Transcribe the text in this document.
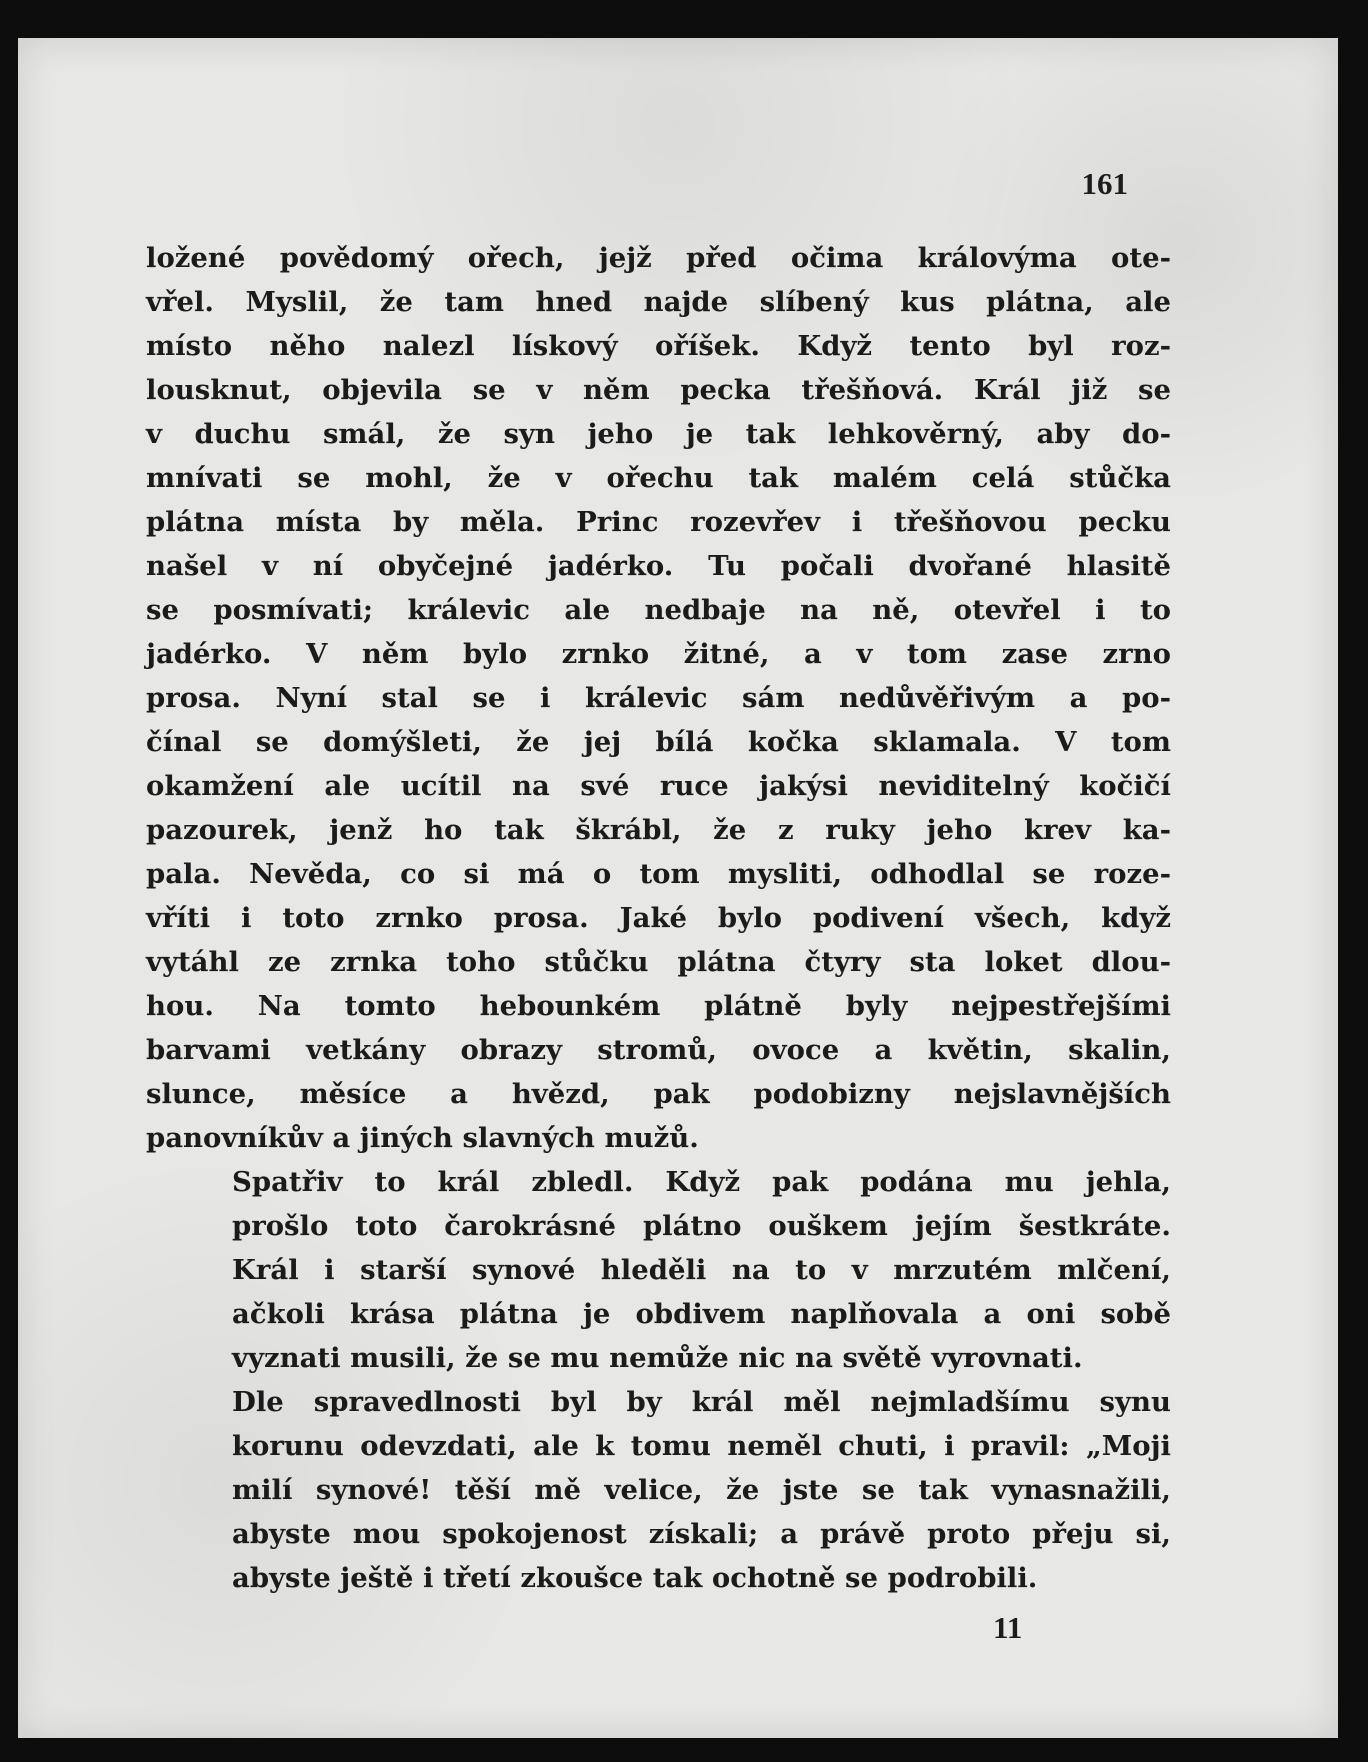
161

ložené povědomý ořech, jejž před očima královýma ote-
vřel. Myslil, že tam hned najde slíbený kus plátna, ale
místo něho nalezl lískový oříšek. Když tento byl roz-
lousknut, objevila se v něm pecka třešňová. Král již se
v duchu smál, že syn jeho je tak lehkověrný, aby do-
mnívati se mohl, že v ořechu tak malém celá stůčka
plátna místa by měla. Princ rozevřev i třešňovou pecku
našel v ní obyčejné jadérko. Tu počali dvořané hlasitě
se posmívati; králevic ale nedbaje na ně, otevřel i to
jadérko. V něm bylo zrnko žitné, a v tom zase zrno
prosa. Nyní stal se i králevic sám nedůvěřivým a po-
čínal se domýšleti, že jej bílá kočka sklamala. V tom
okamžení ale ucítil na své ruce jakýsi neviditelný kočičí
pazourek, jenž ho tak škrábl, že z ruky jeho krev ka-
pala. Nevěda, co si má o tom mysliti, odhodlal se roze-
vříti i toto zrnko prosa. Jaké bylo podivení všech, když
vytáhl ze zrnka toho stůčku plátna čtyry sta loket dlou-
hou. Na tomto hebounkém plátně byly nejpestřejšími
barvami vetkány obrazy stromů, ovoce a květin, skalin,
slunce, měsíce a hvězd, pak podobizny nejslavnějších
panovníkův a jiných slavných mužů.

Spatřiv to král zbledl. Když pak podána mu jehla,
prošlo toto čarokrásné plátno ouškem jejím šestkráte.
Král i starší synové hleděli na to v mrzutém mlčení,
ačkoli krása plátna je obdivem naplňovala a oni sobě
vyznati musili, že se mu nemůže nic na světě vyrovnati.

Dle spravedlnosti byl by král měl nejmladšímu synu
korunu odevzdati, ale k tomu neměl chuti, i pravil: „Moji
milí synové! těší mě velice, že jste se tak vynasnažili,
abyste mou spokojenost získali; a právě proto přeju si,
abyste ještě i třetí zkoušce tak ochotně se podrobili.

11
